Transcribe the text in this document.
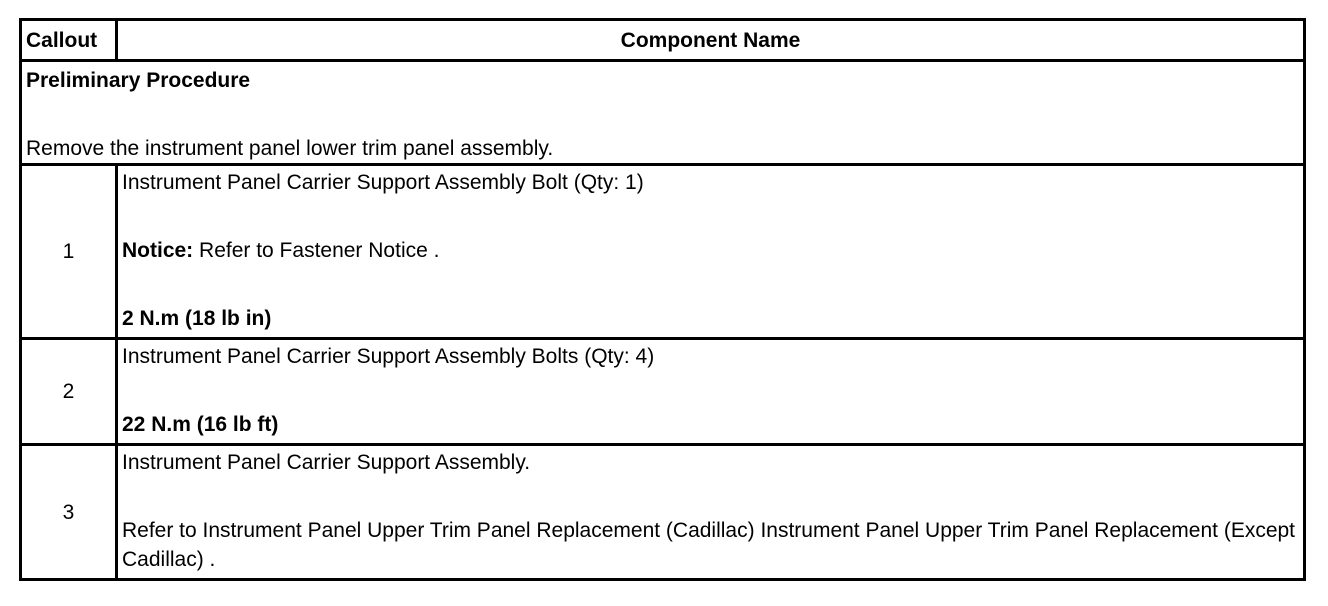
Callout	Component Name
Preliminary Procedure
Remove the instrument panel lower trim panel assembly.	
1	Instrument Panel Carrier Support Assembly Bolt (Qty: 1)
Notice: Refer to Fastener Notice .
2 N.m (18 lb in)
2	Instrument Panel Carrier Support Assembly Bolts (Qty: 4)
22 N.m (16 lb ft)
3	Instrument Panel Carrier Support Assembly.
Refer to Instrument Panel Upper Trim Panel Replacement (Cadillac) Instrument Panel Upper Trim Panel Replacement (Except Cadillac) .
